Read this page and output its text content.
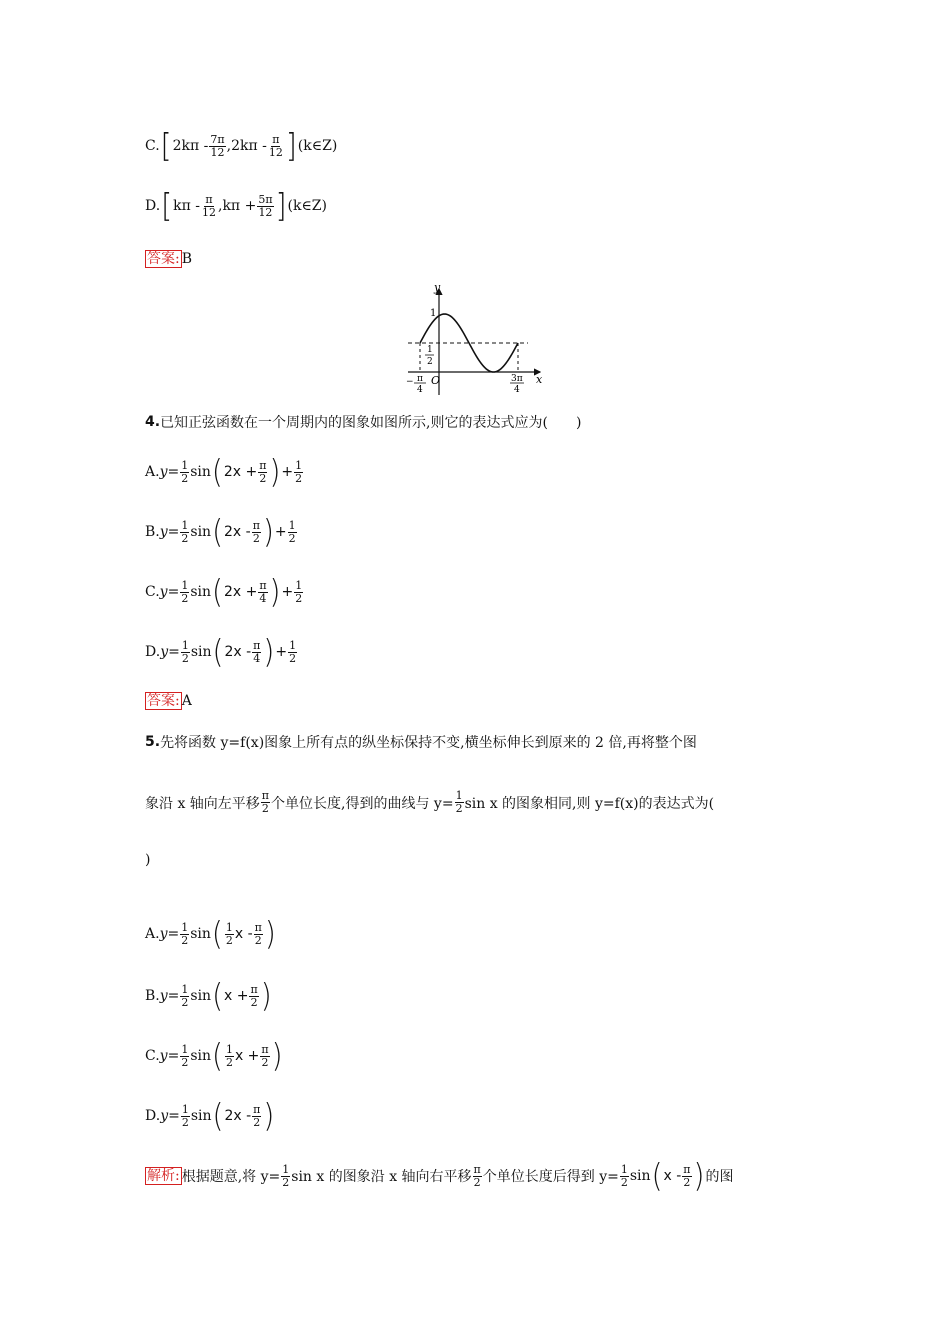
C. [ $2k\pi - \frac{7\pi}{12} ,2k\pi - \frac{\pi}{12}$ ] (k∈Z)
D. [ $k\pi - \frac{\pi}{12} ,k\pi + \frac{5\pi}{12}$ ] (k∈Z)
答案: B
y
x
O
1
1
2
− π
4
3π
4
4. 已知正弦函数在一个周期内的图象如图所示,则它的表达式应为(　　)
A. $y= \frac{1}{2}$ sin ( $2x + \frac{\pi}{2}$ ) + $\frac{1}{2}$
B. $y= \frac{1}{2}$ sin ( $2x - \frac{\pi}{2}$ ) + $\frac{1}{2}$
C. $y= \frac{1}{2}$ sin ( $2x + \frac{\pi}{4}$ ) + $\frac{1}{2}$
D. $y= \frac{1}{2}$ sin ( $2x - \frac{\pi}{4}$ ) + $\frac{1}{2}$
答案: A
5. 先将函数 y=f(x)图象上所有点的纵坐标保持不变,横坐标伸长到原来的 2 倍,再将整个图
象沿 x 轴向左平移 $\frac{\pi}{2}$ 个单位长度,得到的曲线与 $y= \frac{1}{2}$ sin x 的图象相同,则 y=f(x)的表达式为(
)
A. $y= \frac{1}{2}$ sin ( $\frac{1}{2}$ x - $\frac{\pi}{2}$ )
B. $y= \frac{1}{2}$ sin ( $x + \frac{\pi}{2}$ )
C. $y= \frac{1}{2}$ sin ( $\frac{1}{2}$ $x + \frac{\pi}{2}$ )
D. $y= \frac{1}{2}$ sin ( $2x - \frac{\pi}{2}$ )
解析: 根据题意,将 $y= \frac{1}{2}$ sin x 的图象沿 x 轴向右平移 $\frac{\pi}{2}$ 个单位长度后得到 $y= \frac{1}{2}$ sin ( x - $\frac{\pi}{2}$ ) 的图
